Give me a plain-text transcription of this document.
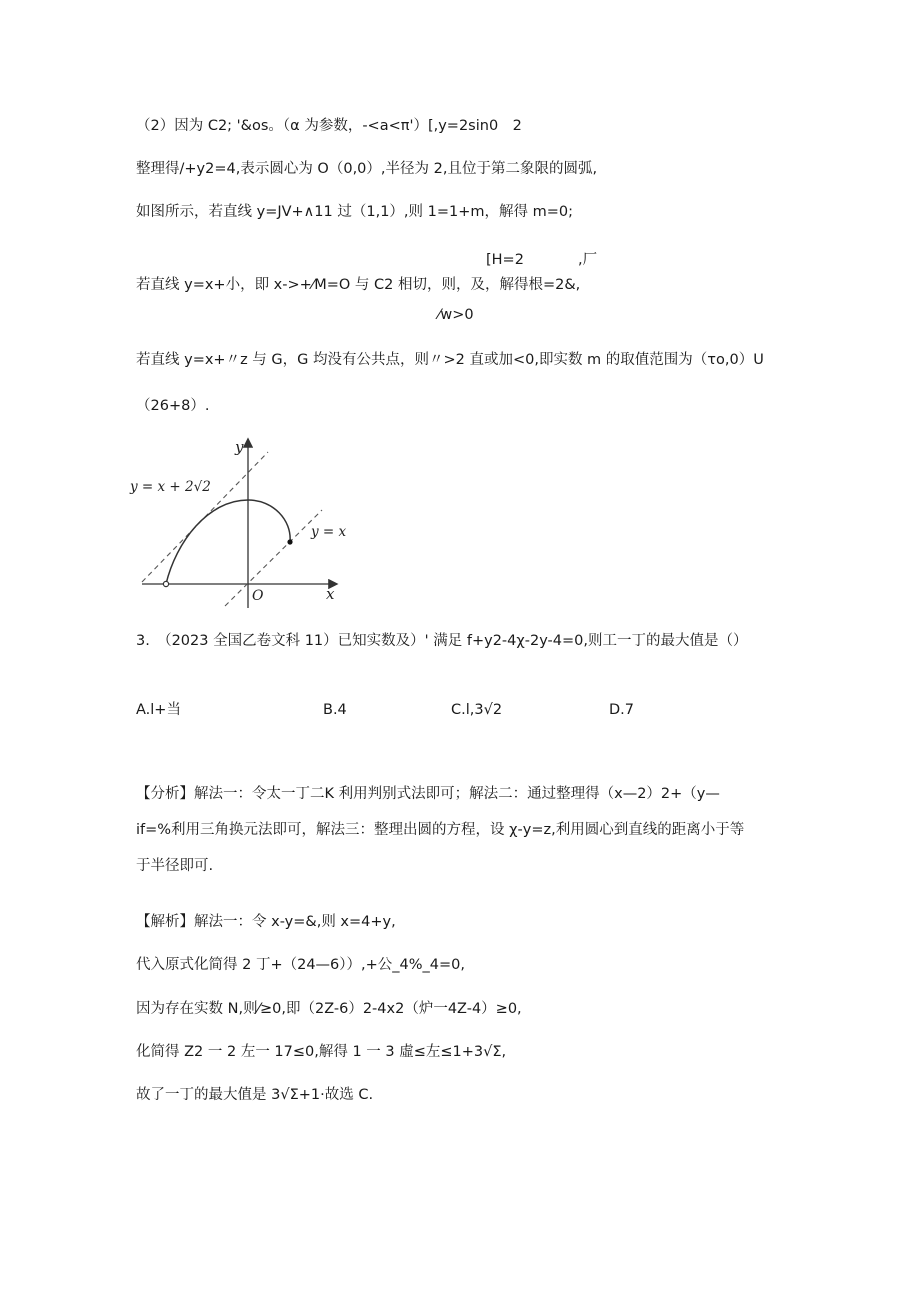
（2）因为 C2; '&os。（α 为参数，-<a<π'）[,y=2sin0　2
整理得/+y2=4,表示圆心为 O（0,0）,半径为 2,且位于第二象限的圆弧,
如图所示，若直线 y=JV+∧11 过（1,1）,则 1=1+m，解得 m=0;
[H=2	,厂
若直线 y=x+小，即 x->+⁄M=O 与 C2 相切，则，及，解得根=2&,
⁄w>0
若直线 y=x+〃z 与 G，G 均没有公共点，则〃>2 直或加<0,即实数 m 的取值范围为（τo,0）U
（26+8）.
y
x
O
y = x + 2√2
y = x
3.　（2023 全国乙卷文科 11）已知实数及）' 满足 f+y2-4χ-2y-4=0,则工一丁的最大值是（）
A.l+当	B.4	C.l,3√2	D.7
【分析】解法一：令太一丁二K 利用判别式法即可；解法二：通过整理得（x—2）2+（y—
if=%利用三角换元法即可，解法三：整理出圆的方程，设 χ-y=z,利用圆心到直线的距离小于等
于半径即可.
【解析】解法一：令 x-y=&,则 x=4+y,
代入原式化简得 2 丁+（24—6））,+公_4%_4=0,
因为存在实数 N,则⁄≥0,即（2Z-6）2-4x2（炉一4Z-4）≥0,
化简得 Z2 一 2 左一 17≤0,解得 1 一 3 虛≤左≤1+3√Σ,
故了一丁的最大值是 3√Σ+1·故选 C.
